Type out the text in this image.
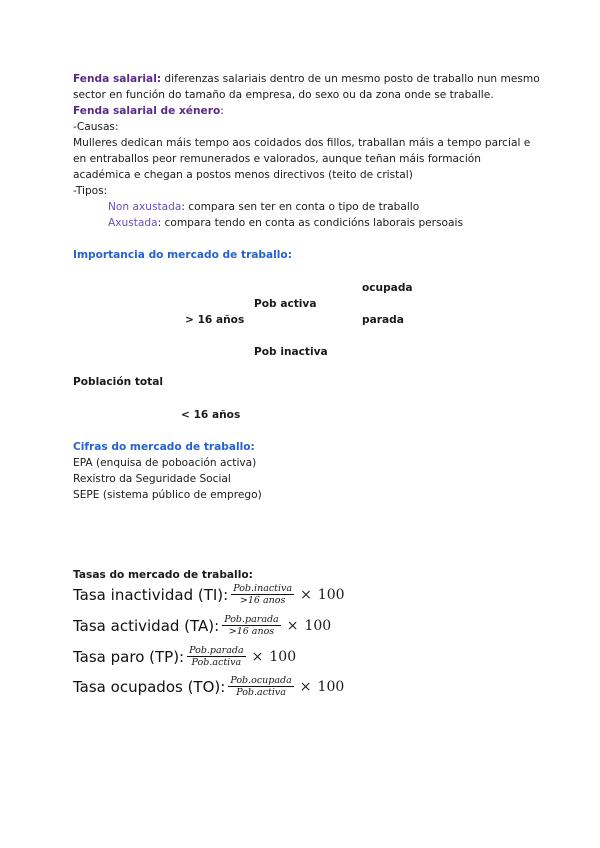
Fenda salarial: diferenzas salariais dentro de un mesmo posto de traballo nun mesmo
sector en función do tamaño da empresa, do sexo ou da zona onde se traballe.
Fenda salarial de xénero:
-Causas:
Mulleres dedican máis tempo aos coidados dos fillos, traballan máis a tempo parcial e
en entraballos peor remunerados e valorados, aunque teñan máis formación
académica e chegan a postos menos directivos (teito de cristal)
-Tipos:
Non axustada: compara sen ter en conta o tipo de traballo
Axustada: compara tendo en conta as condicións laborais persoais
Importancia do mercado de traballo:
ocupada
Pob activa
> 16 años	parada
Pob inactiva
Población total
< 16 años
Cifras do mercado de traballo:
EPA (enquisa de poboación activa)
Rexistro da Seguridade Social
SEPE (sistema público de emprego)
Tasas do mercado de traballo:
Tasa inactividad (TI): $\frac{\text{Pob.inactiva}}{\text{>16 anos}} \times 100$
Tasa actividad (TA): $\frac{\text{Pob.parada}}{\text{>16 anos}} \times 100$
Tasa paro (TP): $\frac{\text{Pob.parada}}{\text{Pob.activa}} \times 100$
Tasa ocupados (TO): $\frac{\text{Pob.ocupada}}{\text{Pob.activa}} \times 100$
